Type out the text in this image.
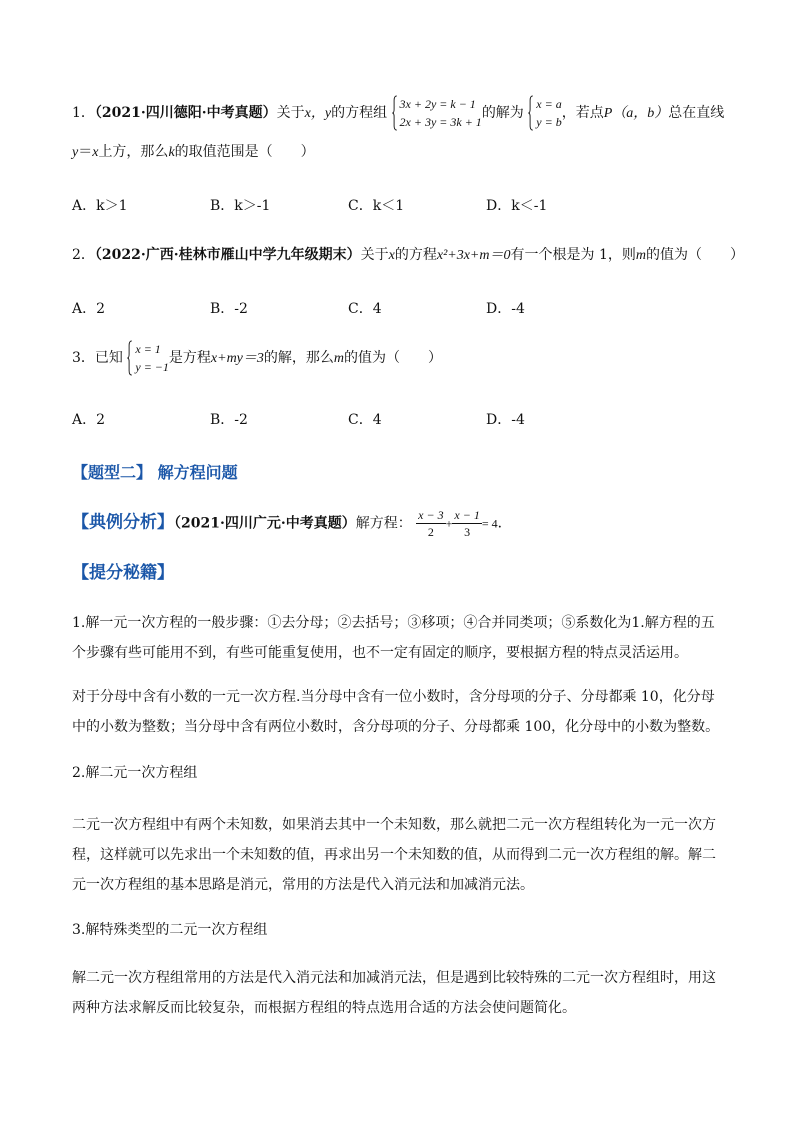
1．（2021·四川德阳·中考真题）关于x，y的方程组
3x + 2y = k − 1
2x + 3y = 3k + 1
的解为
x = a
y = b
，若点P（a，b）总在直线
y＝x上方，那么k的取值范围是（　　）
A．k＞1	B．k＞-1	C．k＜1	D．k＜-1
2．（2022·广西·桂林市雁山中学九年级期末）关于x的方程x²+3x+m＝0有一个根是为 1，则m的值为（　　）
A．2	B．-2	C．4	D．-4
3．已知
x = 1
y = −1
是方程x+my＝3的解，那么m的值为（　　）
A．2	B．-2	C．4	D．-4
【题型二】 解方程问题
【典例分析】（2021·四川广元·中考真题）解方程： $\frac{x - 3}{2} + \frac{x - 1}{3} = 4$．
【提分秘籍】
1.解一元一次方程的一般步骤：①去分母；②去括号；③移项；④合并同类项；⑤系数化为1.解方程的五个步骤有些可能用不到，有些可能重复使用，也不一定有固定的顺序，要根据方程的特点灵活运用。
对于分母中含有小数的一元一次方程.当分母中含有一位小数时，含分母项的分子、分母都乘 10，化分母中的小数为整数；当分母中含有两位小数时，含分母项的分子、分母都乘 100，化分母中的小数为整数。
2.解二元一次方程组
二元一次方程组中有两个未知数，如果消去其中一个未知数，那么就把二元一次方程组转化为一元一次方程，这样就可以先求出一个未知数的值，再求出另一个未知数的值，从而得到二元一次方程组的解。解二元一次方程组的基本思路是消元，常用的方法是代入消元法和加减消元法。
3.解特殊类型的二元一次方程组
解二元一次方程组常用的方法是代入消元法和加减消元法，但是遇到比较特殊的二元一次方程组时，用这两种方法求解反而比较复杂，而根据方程组的特点选用合适的方法会使问题简化。
